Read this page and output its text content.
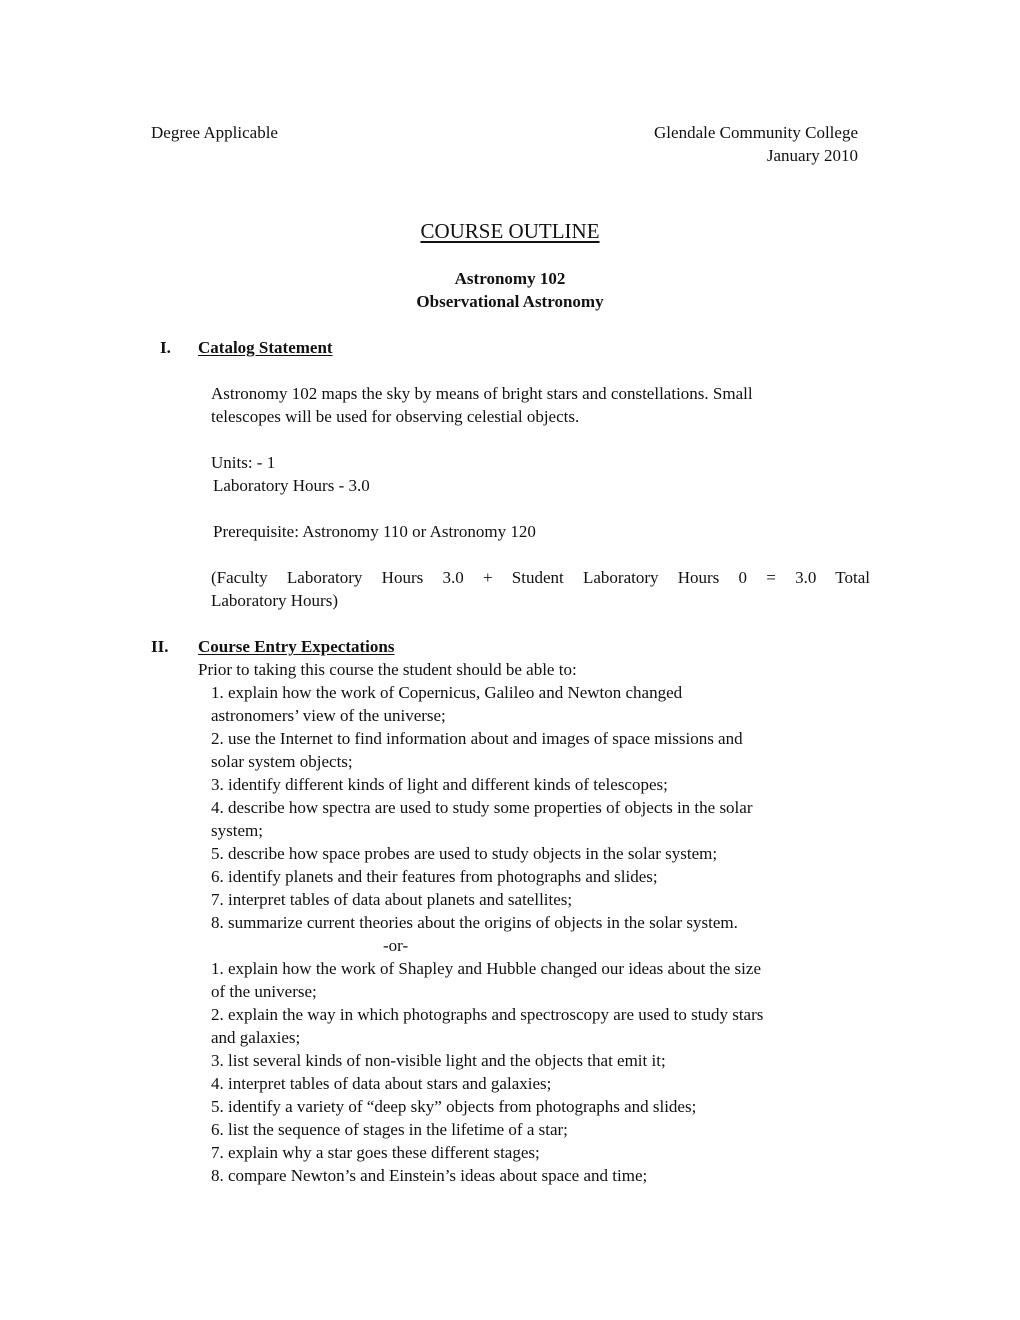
Degree Applicable	Glendale Community College
January 2010
COURSE OUTLINE
Astronomy 102
Observational Astronomy
I. Catalog Statement
Astronomy 102 maps the sky by means of bright stars and constellations. Small
telescopes will be used for observing celestial objects.
Units: - 1
Laboratory Hours - 3.0
Prerequisite: Astronomy 110 or Astronomy 120
(Faculty Laboratory Hours 3.0 + Student Laboratory Hours 0 = 3.0 Total
Laboratory Hours)
II. Course Entry Expectations
Prior to taking this course the student should be able to:
1. explain how the work of Copernicus, Galileo and Newton changed
astronomers’ view of the universe;
2. use the Internet to find information about and images of space missions and
solar system objects;
3. identify different kinds of light and different kinds of telescopes;
4. describe how spectra are used to study some properties of objects in the solar
system;
5. describe how space probes are used to study objects in the solar system;
6. identify planets and their features from photographs and slides;
7. interpret tables of data about planets and satellites;
8. summarize current theories about the origins of objects in the solar system.
-or-
1. explain how the work of Shapley and Hubble changed our ideas about the size
of the universe;
2. explain the way in which photographs and spectroscopy are used to study stars
and galaxies;
3. list several kinds of non-visible light and the objects that emit it;
4. interpret tables of data about stars and galaxies;
5. identify a variety of “deep sky” objects from photographs and slides;
6. list the sequence of stages in the lifetime of a star;
7. explain why a star goes these different stages;
8. compare Newton’s and Einstein’s ideas about space and time;
